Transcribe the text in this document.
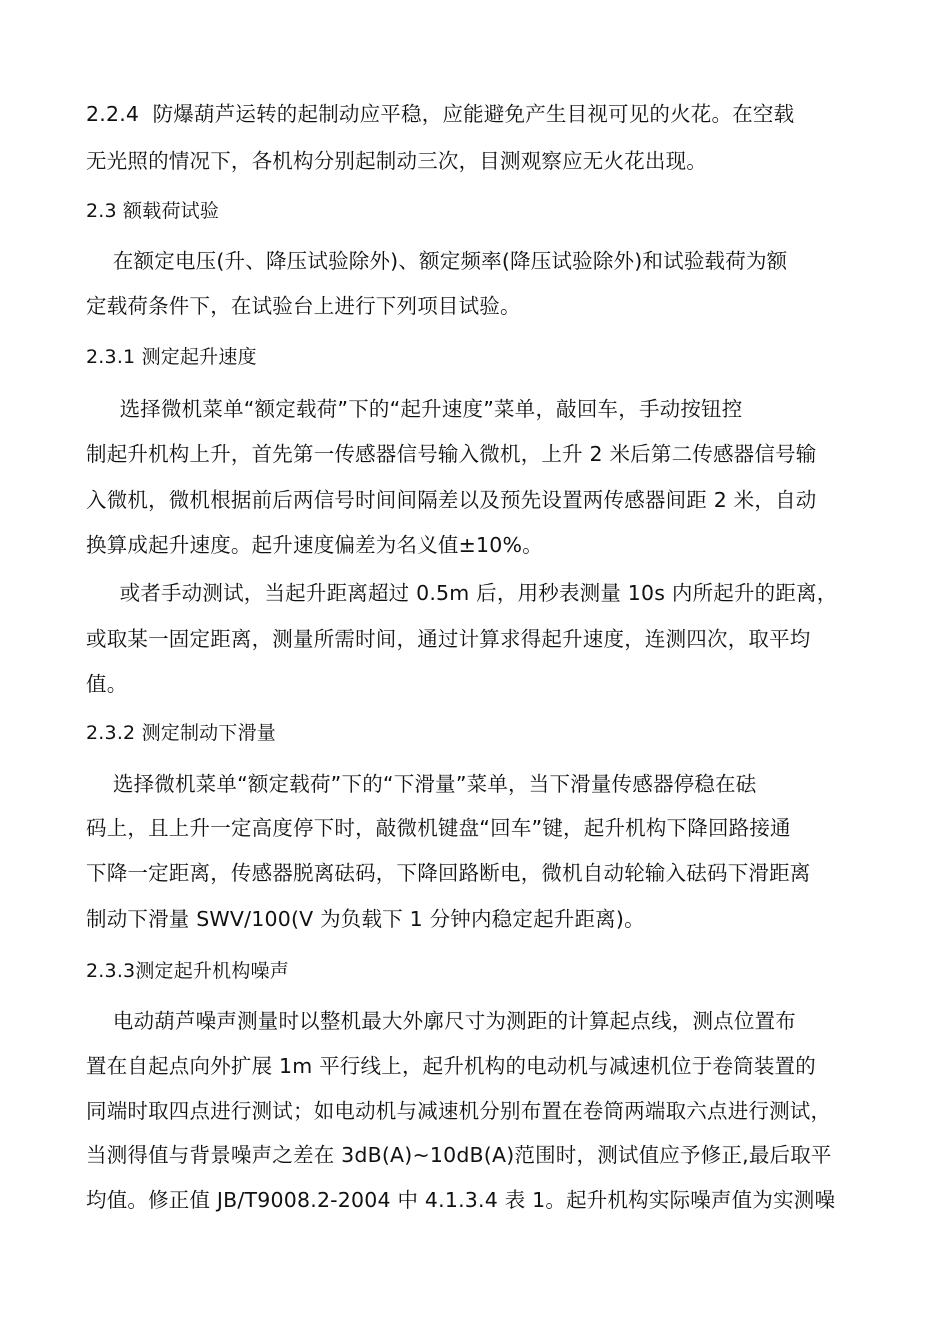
2.2.4  防爆葫芦运转的起制动应平稳，应能避免产生目视可见的火花。在空载

无光照的情况下，各机构分别起制动三次，目测观察应无火花出现。

2.3 额载荷试验

在额定电压(升、降压试验除外)、额定频率(降压试验除外)和试验载荷为额

定载荷条件下，在试验台上进行下列项目试验。

2.3.1 测定起升速度

选择微机菜单“额定载荷”下的“起升速度”菜单，敲回车，手动按钮控

制起升机构上升，首先第一传感器信号输入微机，上升 2 米后第二传感器信号输

入微机，微机根据前后两信号时间间隔差以及预先设置两传感器间距 2 米，自动

换算成起升速度。起升速度偏差为名义值±10%。

或者手动测试，当起升距离超过 0.5m 后，用秒表测量 10s 内所起升的距离，

或取某一固定距离，测量所需时间，通过计算求得起升速度，连测四次，取平均

值。

2.3.2 测定制动下滑量

选择微机菜单“额定载荷”下的“下滑量”菜单，当下滑量传感器停稳在砝

码上，且上升一定高度停下时，敲微机键盘“回车”键，起升机构下降回路接通

下降一定距离，传感器脱离砝码，下降回路断电，微机自动轮输入砝码下滑距离

制动下滑量 SWV/100(V 为负载下 1 分钟内稳定起升距离)。

2.3.3测定起升机构噪声

电动葫芦噪声测量时以整机最大外廓尺寸为测距的计算起点线，测点位置布

置在自起点向外扩展 1m 平行线上，起升机构的电动机与减速机位于卷筒装置的

同端时取四点进行测试；如电动机与减速机分别布置在卷筒两端取六点进行测试，

当测得值与背景噪声之差在 3dB(A)~10dB(A)范围时，测试值应予修正,最后取平

均值。修正值 JB/T9008.2-2004 中 4.1.3.4 表 1。起升机构实际噪声值为实测噪
